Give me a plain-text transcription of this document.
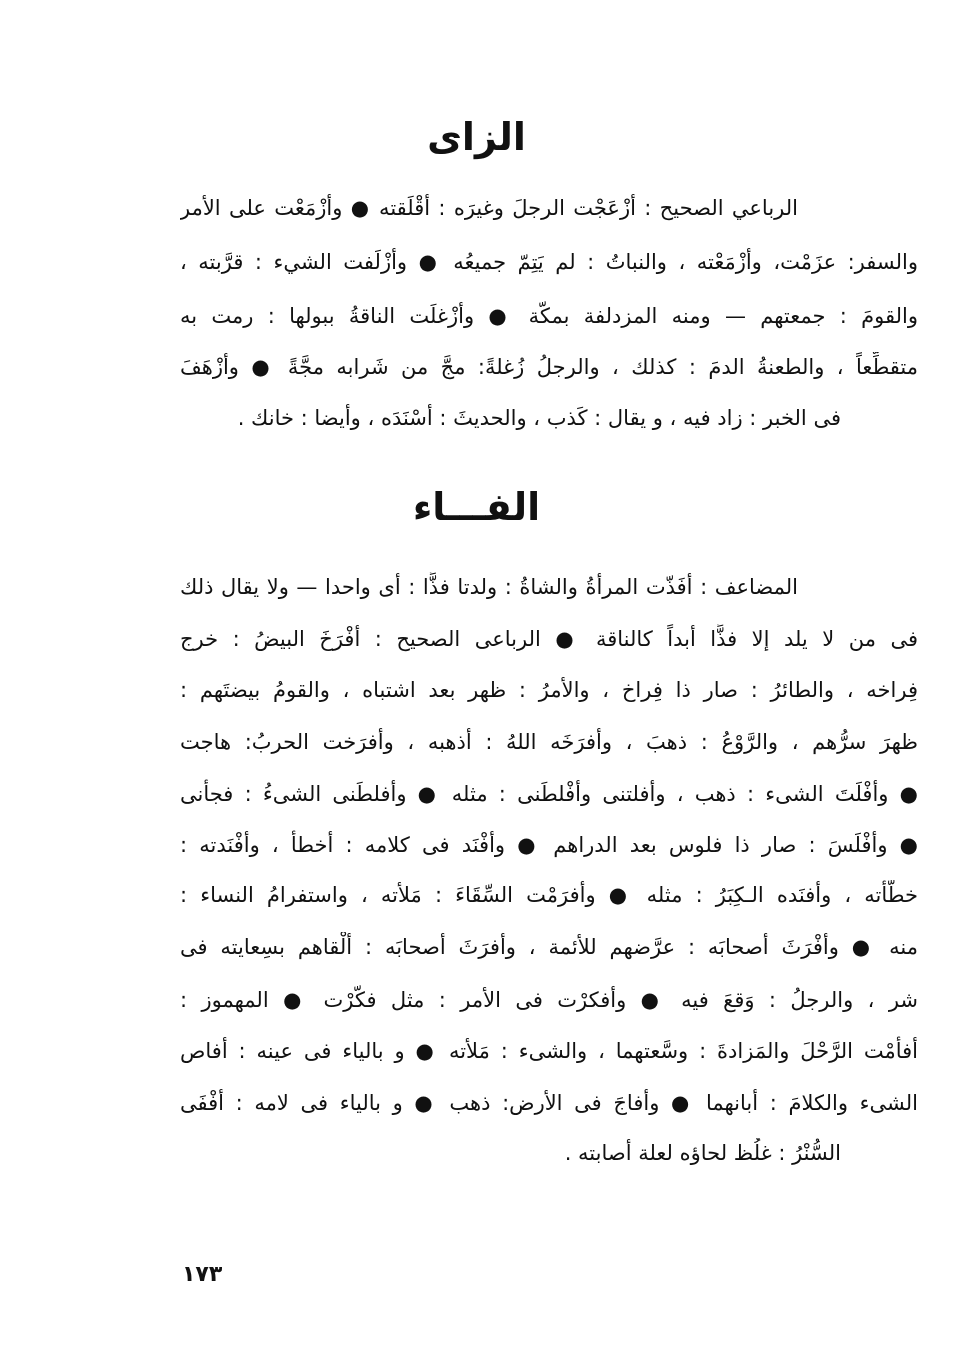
الزاى
الرباعي الصحيح : أزْعَجْت الرجلَ وغيرَه : أقْلَقته ● وأزْمَعْت على الأمر
والسفر: عزَمْت، وأزْمَعْته ، والنباتُ : لم يَتِمّ جميعُه ● وأزْلَفت الشيء : قرَّبته ،
والقومَ : جمعتهم — ومنه المزدلفة بمكَّة ● وأزْغلَت الناقةُ ببولها : رمت به
متقطِّعاً ، والطعنةُ الدمَ : كذلك ، والرجلُ زُغلةً: مجَّ من شَرابه مجَّةً ● وأزْهَفَ
فى الخبر : زاد فيه ، و يقال : كَذب ، والحديثَ : أسْنَدَه ، وأيضا : خانك .
الفـــاء
المضاعف : أفَذّت المرأةُ والشاةُ : ولدتا فذًّا : أى واحدا — ولا يقال ذلك
فى من لا يلد إلا فذًّا أبداً كالناقة ● الرباعى الصحيح : أفْرَخَ البيضُ : خرج
فِراخه ، والطائرُ : صار ذا فِراخ ، والأمرُ : ظهر بعد اشتباه ، والقومُ بيضتَهم :
ظهرَ سرُّهم ، والرَّوْعُ : ذهبَ ، وأفرَخَه اللهُ : أذهبه ، وأفرَخت الحربُ: هاجت
● وأفْلَتَ الشىء : ذهب ، وأفلتنى وأفْلطَنى : مثله ● وأفلطَنى الشىءُ : فجأنى
● وأفْلَسَ : صار ذا فلوس بعد الدراهم ● وأفْنَد فى كلامه : أخطأ ، وأفْنَدته :
خطَّأته ، وأفنَده الـكِبَرُ : مثله ● وأفرَمْت السِّقَاءَ : مَلأته ، واستفرامُ النساء :
منه ● وأفْرَثَ أصحابَه : عرَّضهم للأئمة ، وأفرَثَ أصحابَه : ألْقاهم بسِعايته فى
شر ، والرجلُ : وَقعَ فيه ● وأفكرْت فى الأمر : مثل فكَّرْت ● المهموز :
أفأْمْت الرَّحْلَ والمَزادةَ : وسَّعتهما ، والشىء : مَلأته ● و بالياء فى عينه : أفاص
الشىء والكلامَ : أبانهما ● وأفاجَ فى الأرض: ذهب ● و بالياء فى لامه : أفْفَى
السُّنْرُ : غلُظ لحاؤه لعلة أصابته .
١٧٣
